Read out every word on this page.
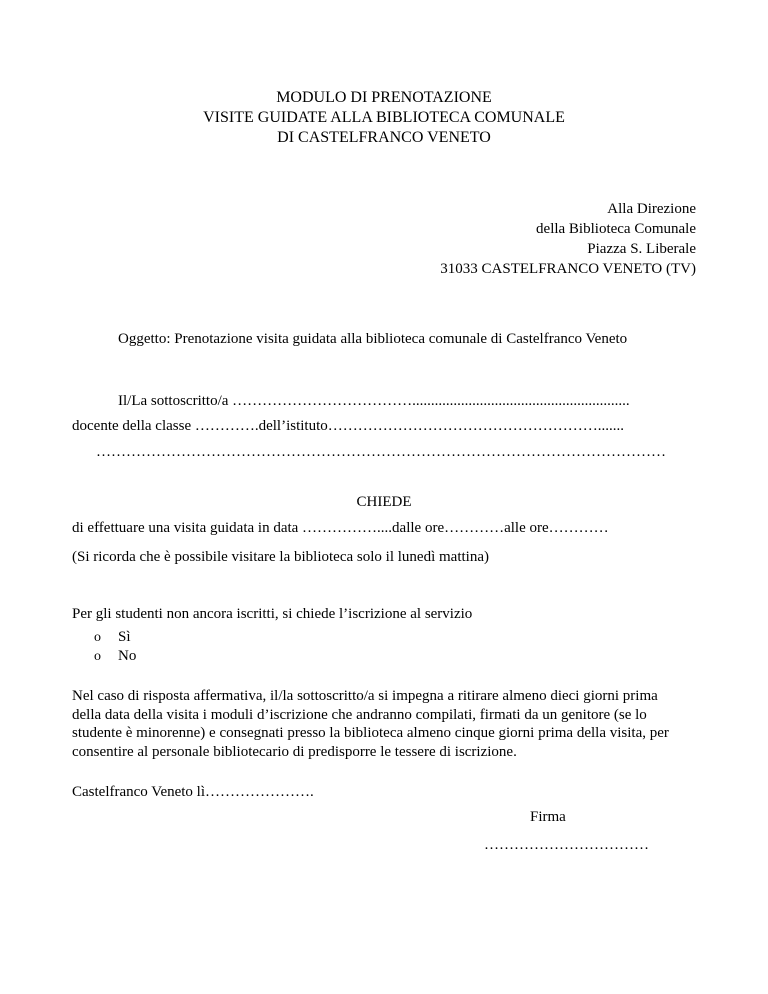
MODULO DI PRENOTAZIONE
VISITE GUIDATE ALLA BIBLIOTECA COMUNALE
DI CASTELFRANCO VENETO
Alla Direzione
della Biblioteca Comunale
Piazza S. Liberale
31033 CASTELFRANCO VENETO (TV)
Oggetto: Prenotazione visita guidata alla biblioteca comunale di Castelfranco Veneto
Il/La sottoscritto/a ………………………………..........................................................
docente della classe ………….dell’istituto……………………………………………….......
……………………………………………………………………………………………………
CHIEDE
di effettuare una visita guidata in data ……………....dalle ore…………alle ore…………
(Si ricorda che è possibile visitare la biblioteca solo il lunedì mattina)
Per gli studenti non ancora iscritti, si chiede l’iscrizione al servizio
o Sì
o No
Nel caso di risposta affermativa, il/la sottoscritto/a si impegna a ritirare almeno dieci giorni prima
della data della visita i moduli d’iscrizione che andranno compilati, firmati da un genitore (se lo
studente è minorenne) e consegnati presso la biblioteca almeno cinque giorni prima della visita, per
consentire al personale bibliotecario di predisporre le tessere di iscrizione.
Castelfranco Veneto lì………………….
Firma
……………………………
